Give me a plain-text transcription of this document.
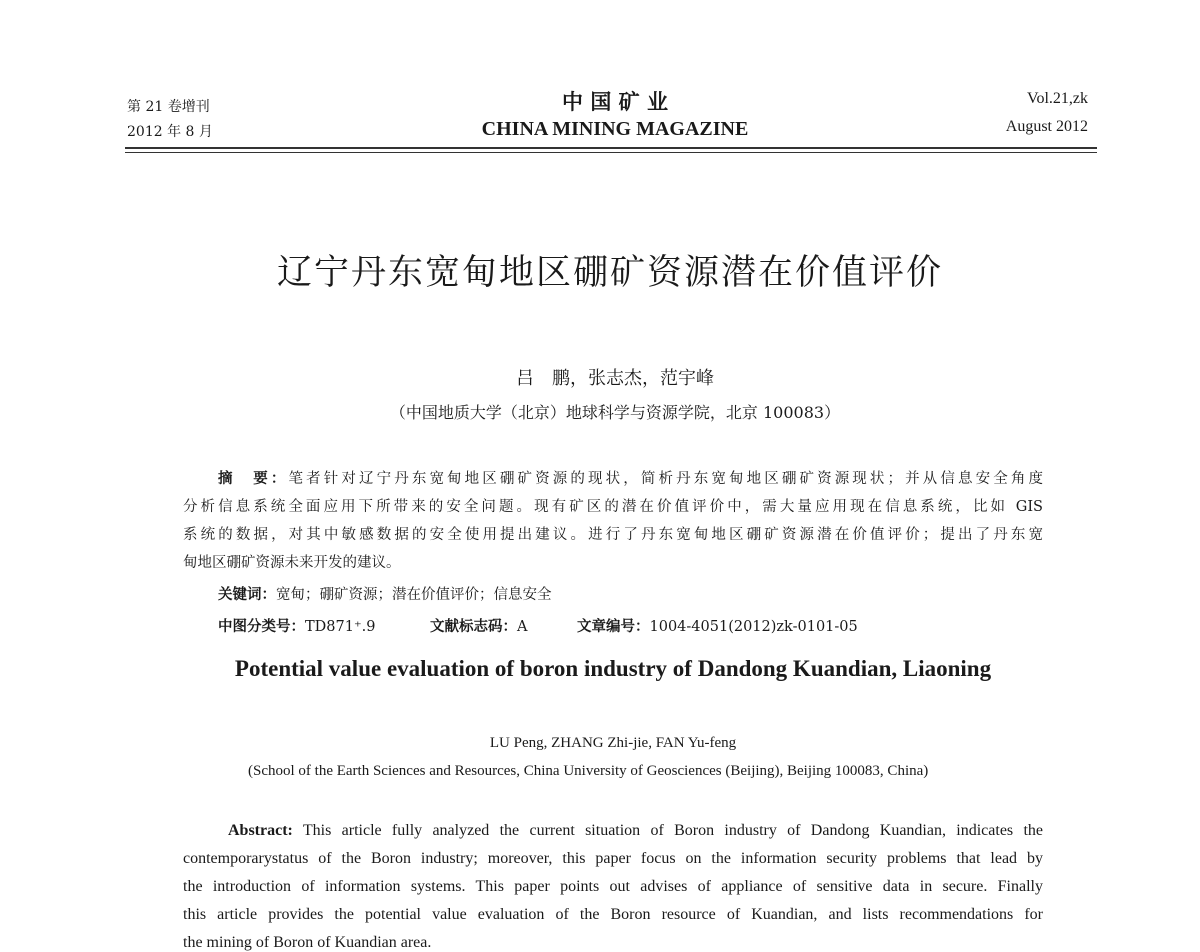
第 21 卷增刊
2012 年 8 月
中 国 矿 业
CHINA MINING MAGAZINE
Vol.21,zk
August 2012
辽宁丹东宽甸地区硼矿资源潜在价值评价
吕　鹏，张志杰，范宇峰
（中国地质大学（北京）地球科学与资源学院，北京 100083）
摘　要：笔者针对辽宁丹东宽甸地区硼矿资源的现状，简析丹东宽甸地区硼矿资源现状；并从信息安全角度
分析信息系统全面应用下所带来的安全问题。现有矿区的潜在价值评价中，需大量应用现在信息系统，比如 GIS
系统的数据，对其中敏感数据的安全使用提出建议。进行了丹东宽甸地区硼矿资源潜在价值评价；提出了丹东宽
甸地区硼矿资源未来开发的建议。
关键词：宽甸；硼矿资源；潜在价值评价；信息安全
中图分类号：TD871⁺.9	文献标志码：A	文章编号：1004-4051(2012)zk-0101-05
Potential value evaluation of boron industry of Dandong Kuandian, Liaoning
LU Peng, ZHANG Zhi-jie, FAN Yu-feng
(School of the Earth Sciences and Resources, China University of Geosciences (Beijing), Beijing 100083, China)
Abstract: This article fully analyzed the current situation of Boron industry of Dandong Kuandian, indicates the
contemporarystatus of the Boron industry; moreover, this paper focus on the information security problems that lead by
the introduction of information systems. This paper points out advises of appliance of sensitive data in secure. Finally
this article provides the potential value evaluation of the Boron resource of Kuandian, and lists recommendations for
the mining of Boron of Kuandian area.
